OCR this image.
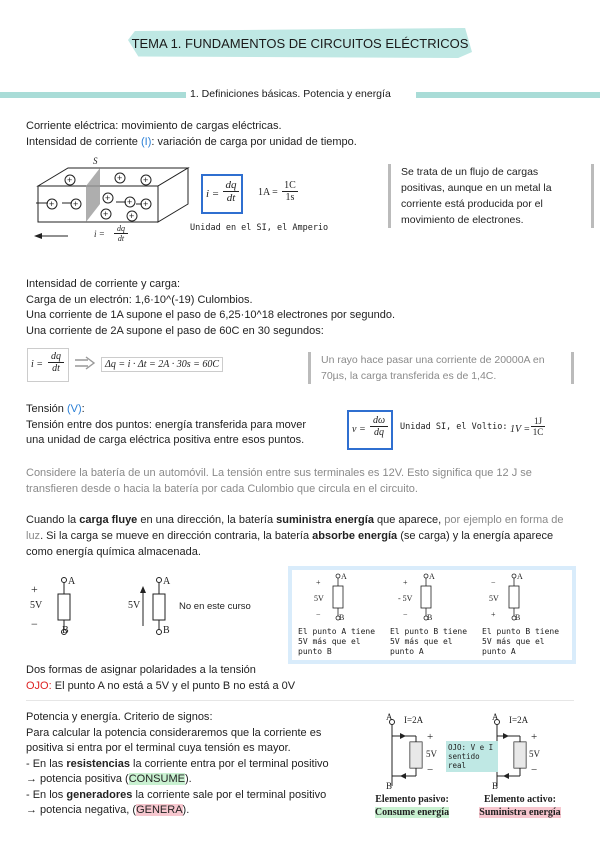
TEMA 1. FUNDAMENTOS DE CIRCUITOS ELÉCTRICOS
1. Definiciones básicas. Potencia y energía
Corriente eléctrica: movimiento de cargas eléctricas.
Intensidad de corriente (I): variación de carga por unidad de tiempo.
+	+ +
+ +
+ + +
+ +
S
$i = \frac{dq}{dt}$
$i = \frac{dq}{dt} 1A = \frac{1C}{1s}$
Unidad en el SI, el Amperio
Se trata de un flujo de cargas positivas, aunque en un metal la corriente está producida por el movimiento de electrones.
Intensidad de corriente y carga:
Carga de un electrón: 1,6·10^(-19) Culombios.
Una corriente de 1A supone el paso de 6,25·10^18 electrones por segundo.
Una corriente de 2A supone el paso de 60C en 30 segundos:
i =
dq
dt	Δq = i · Δt = 2A · 30s = 60C	Un rayo hace pasar una corriente de 20000A en 70µs, la carga transferida es de 1,4C.
Tensión (V):
Tensión entre dos puntos: energía transferida para mover
una unidad de carga eléctrica positiva entre esos puntos.
v =
dω
dq	Unidad SI, el Voltio: 1V =
1J
1C
Considere la batería de un automóvil. La tensión entre sus terminales es 12V. Esto significa que 12 J se transfieren desde o hacia la batería por cada Culombio que circula en el circuito.
Cuando la carga fluye en una dirección, la batería suministra energía que aparece, por ejemplo en forma de luz. Si la carga se mueve en dirección contraria, la batería absorbe energía (se carga) y la energía aparece como energía química almacenada.
+
−
5V
A
B
5V
A
B
No en este curso
+
5V
−
A
B
+
- 5V
−
A
B
−
5V
+
A
B
El punto A tiene 5V más que el punto B
El punto B tiene 5V más que el punto A
El punto B tiene 5V más que el punto A
Dos formas de asignar polaridades a la tensión
OJO: El punto A no está a 5V y el punto B no está a 0V
Potencia y energía. Criterio de signos:
Para calcular la potencia consideraremos que la corriente es
positiva si entra por el terminal cuya tensión es mayor.
- En las resistencias la corriente entra por el terminal positivo
→ potencia positiva (CONSUME).
- En los generadores la corriente sale por el terminal positivo
→ potencia negativa, (GENERA).
A I=2A
+
5V
−
B
A I=2A
+
5V
−
B
OJO: V e I sentido real
Elemento pasivo:
Consume energía
Elemento activo:
Suministra energía
